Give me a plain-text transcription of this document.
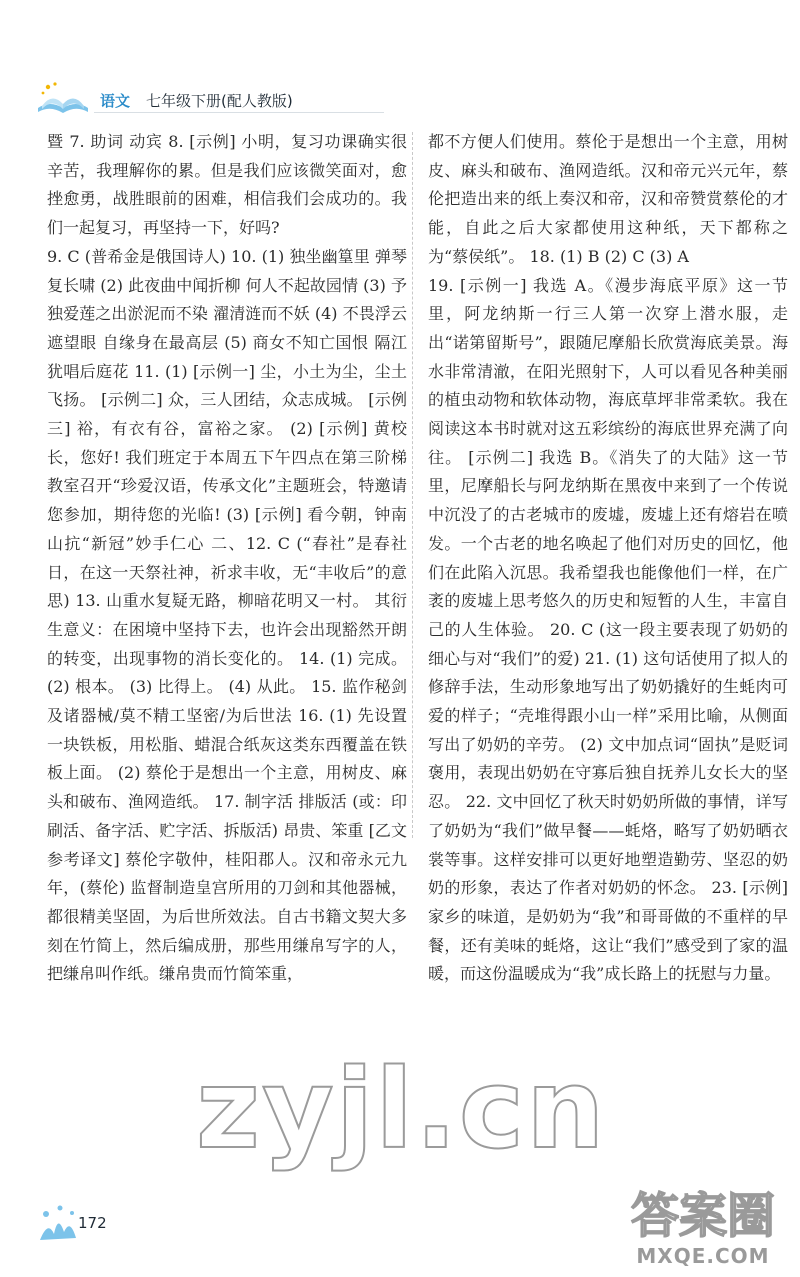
语文 七年级下册(配人教版)
暨 7. 助词 动宾 8. [示例] 小明，复习功课确实很辛苦，我理解你的累。但是我们应该微笑面对，愈挫愈勇，战胜眼前的困难，相信我们会成功的。我们一起复习，再坚持一下，好吗?
9. C (普希金是俄国诗人) 10. (1) 独坐幽篁里 弹琴复长啸 (2) 此夜曲中闻折柳 何人不起故园情 (3) 予独爱莲之出淤泥而不染 濯清涟而不妖 (4) 不畏浮云遮望眼 自缘身在最高层 (5) 商女不知亡国恨 隔江犹唱后庭花 11. (1) [示例一] 尘，小土为尘，尘土飞扬。 [示例二] 众，三人团结，众志成城。 [示例三] 裕，有衣有谷，富裕之家。 (2) [示例] 黄校长，您好! 我们班定于本周五下午四点在第三阶梯教室召开“珍爱汉语，传承文化”主题班会，特邀请您参加，期待您的光临! (3) [示例] 看今朝，钟南山抗“新冠”妙手仁心 二、12. C (“春社”是春社日，在这一天祭社神，祈求丰收，无“丰收后”的意思) 13. 山重水复疑无路，柳暗花明又一村。 其衍生意义：在困境中坚持下去，也许会出现豁然开朗的转变，出现事物的消长变化的。 14. (1) 完成。 (2) 根本。 (3) 比得上。 (4) 从此。 15. 监作秘剑及诸器械/莫不精工坚密/为后世法 16. (1) 先设置一块铁板，用松脂、蜡混合纸灰这类东西覆盖在铁板上面。 (2) 蔡伦于是想出一个主意，用树皮、麻头和破布、渔网造纸。 17. 制字活 排版活 (或：印刷活、备字活、贮字活、拆版活) 昂贵、笨重 [乙文参考译文] 蔡伦字敬仲，桂阳郡人。汉和帝永元九年，(蔡伦) 监督制造皇宫所用的刀剑和其他器械，都很精美坚固，为后世所效法。自古书籍文契大多刻在竹简上，然后编成册，那些用缣帛写字的人，把缣帛叫作纸。缣帛贵而竹简笨重，
都不方便人们使用。蔡伦于是想出一个主意，用树皮、麻头和破布、渔网造纸。汉和帝元兴元年，蔡伦把造出来的纸上奏汉和帝，汉和帝赞赏蔡伦的才能，自此之后大家都使用这种纸，天下都称之为“蔡侯纸”。 18. (1) B (2) C (3) A
19. [示例一] 我选 A。《漫步海底平原》这一节里，阿龙纳斯一行三人第一次穿上潜水服，走出“诺第留斯号”，跟随尼摩船长欣赏海底美景。海水非常清澈，在阳光照射下，人可以看见各种美丽的植虫动物和软体动物，海底草坪非常柔软。我在阅读这本书时就对这五彩缤纷的海底世界充满了向往。 [示例二] 我选 B。《消失了的大陆》这一节里，尼摩船长与阿龙纳斯在黑夜中来到了一个传说中沉没了的古老城市的废墟，废墟上还有熔岩在喷发。一个古老的地名唤起了他们对历史的回忆，他们在此陷入沉思。我希望我也能像他们一样，在广袤的废墟上思考悠久的历史和短暂的人生，丰富自己的人生体验。 20. C (这一段主要表现了奶奶的细心与对“我们”的爱) 21. (1) 这句话使用了拟人的修辞手法，生动形象地写出了奶奶撬好的生蚝肉可爱的样子；“壳堆得跟小山一样”采用比喻，从侧面写出了奶奶的辛劳。 (2) 文中加点词“固执”是贬词褒用，表现出奶奶在守寡后独自抚养儿女长大的坚忍。 22. 文中回忆了秋天时奶奶所做的事情，详写了奶奶为“我们”做早餐——蚝烙，略写了奶奶晒衣裳等事。这样安排可以更好地塑造勤劳、坚忍的奶奶的形象，表达了作者对奶奶的怀念。 23. [示例] 家乡的味道，是奶奶为“我”和哥哥做的不重样的早餐，还有美味的蚝烙，这让“我们”感受到了家的温暖，而这份温暖成为“我”成长路上的抚慰与力量。
zyjl.cn
172	答案圈
MXQE.COM
